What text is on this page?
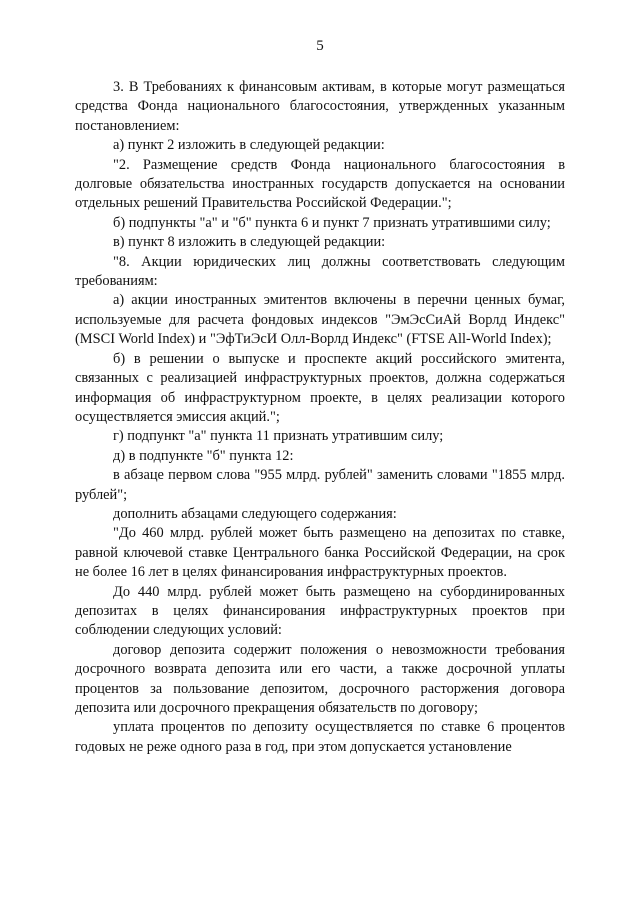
5

3. В Требованиях к финансовым активам, в которые могут размещаться средства Фонда национального благосостояния, утвержденных указанным постановлением:

а) пункт 2 изложить в следующей редакции:

"2. Размещение средств Фонда национального благосостояния в долговые обязательства иностранных государств допускается на основании отдельных решений Правительства Российской Федерации.";

б) подпункты "а" и "б" пункта 6 и пункт 7 признать утратившими силу;

в) пункт 8 изложить в следующей редакции:

"8. Акции юридических лиц должны соответствовать следующим требованиям:

а) акции иностранных эмитентов включены в перечни ценных бумаг, используемые для расчета фондовых индексов "ЭмЭсСиАй Ворлд Индекс" (MSCI World Index) и "ЭфТиЭсИ Олл-Ворлд Индекс" (FTSE All-World Index);

б) в решении о выпуске и проспекте акций российского эмитента, связанных с реализацией инфраструктурных проектов, должна содержаться информация об инфраструктурном проекте, в целях реализации которого осуществляется эмиссия акций.";

г) подпункт "а" пункта 11 признать утратившим силу;

д) в подпункте "б" пункта 12:

в абзаце первом слова "955 млрд. рублей" заменить словами "1855 млрд. рублей";

дополнить абзацами следующего содержания:

"До 460 млрд. рублей может быть размещено на депозитах по ставке, равной ключевой ставке Центрального банка Российской Федерации, на срок не более 16 лет в целях финансирования инфраструктурных проектов.

До 440 млрд. рублей может быть размещено на субординированных депозитах в целях финансирования инфраструктурных проектов при соблюдении следующих условий:

договор депозита содержит положения о невозможности требования досрочного возврата депозита или его части, а также досрочной уплаты процентов за пользование депозитом, досрочного расторжения договора депозита или досрочного прекращения обязательств по договору;

уплата процентов по депозиту осуществляется по ставке 6 процентов годовых не реже одного раза в год, при этом допускается установление
